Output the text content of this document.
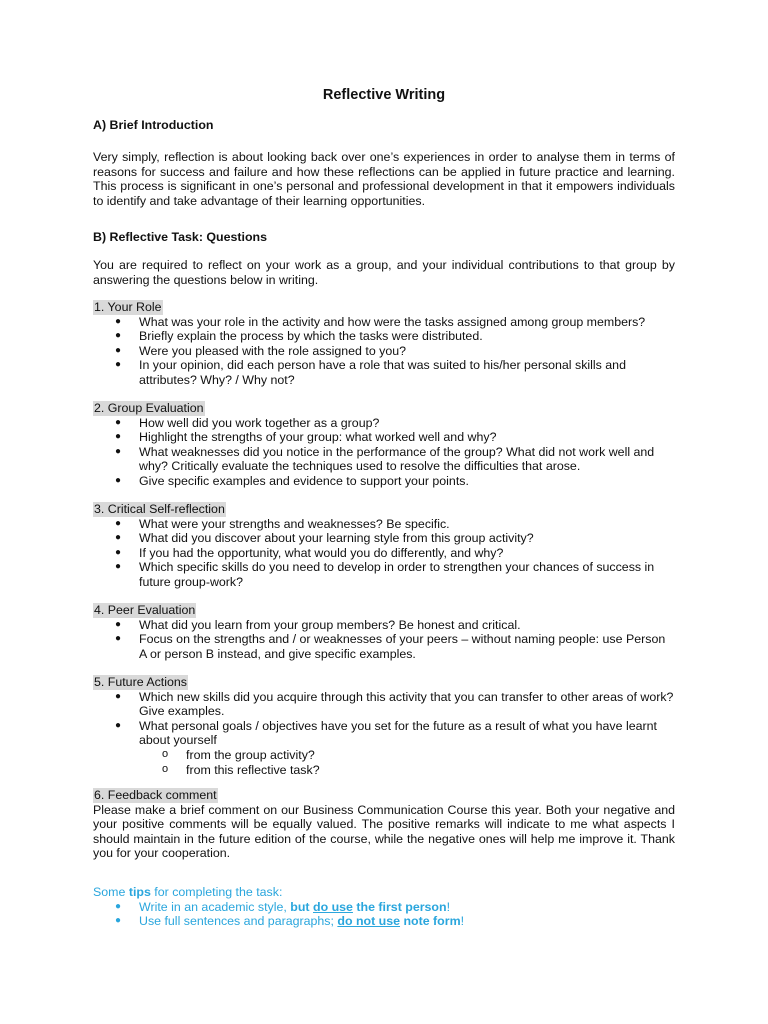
Reflective Writing
A) Brief Introduction
Very simply, reflection is about looking back over one’s experiences in order to analyse them in terms of reasons for success and failure and how these reflections can be applied in future practice and learning. This process is significant in one’s personal and professional development in that it empowers individuals to identify and take advantage of their learning opportunities.
B) Reflective Task: Questions
You are required to reflect on your work as a group, and your individual contributions to that group by answering the questions below in writing.
1. Your Role
● What was your role in the activity and how were the tasks assigned among group members?
● Briefly explain the process by which the tasks were distributed.
● Were you pleased with the role assigned to you?
● In your opinion, did each person have a role that was suited to his/her personal skills and attributes? Why? / Why not?
2. Group Evaluation
● How well did you work together as a group?
● Highlight the strengths of your group: what worked well and why?
● What weaknesses did you notice in the performance of the group? What did not work well and why? Critically evaluate the techniques used to resolve the difficulties that arose.
● Give specific examples and evidence to support your points.
3. Critical Self-reflection
● What were your strengths and weaknesses? Be specific.
● What did you discover about your learning style from this group activity?
● If you had the opportunity, what would you do differently, and why?
● Which specific skills do you need to develop in order to strengthen your chances of success in future group-work?
4. Peer Evaluation
● What did you learn from your group members? Be honest and critical.
● Focus on the strengths and / or weaknesses of your peers – without naming people: use Person A or person B instead, and give specific examples.
5. Future Actions
● Which new skills did you acquire through this activity that you can transfer to other areas of work? Give examples.
● What personal goals / objectives have you set for the future as a result of what you have learnt about yourself
o from the group activity?
o from this reflective task?
6. Feedback comment
Please make a brief comment on our Business Communication Course this year. Both your negative and your positive comments will be equally valued. The positive remarks will indicate to me what aspects I should maintain in the future edition of the course, while the negative ones will help me improve it. Thank you for your cooperation.
Some tips for completing the task:
● Write in an academic style, but do use the first person!
● Use full sentences and paragraphs; do not use note form!
